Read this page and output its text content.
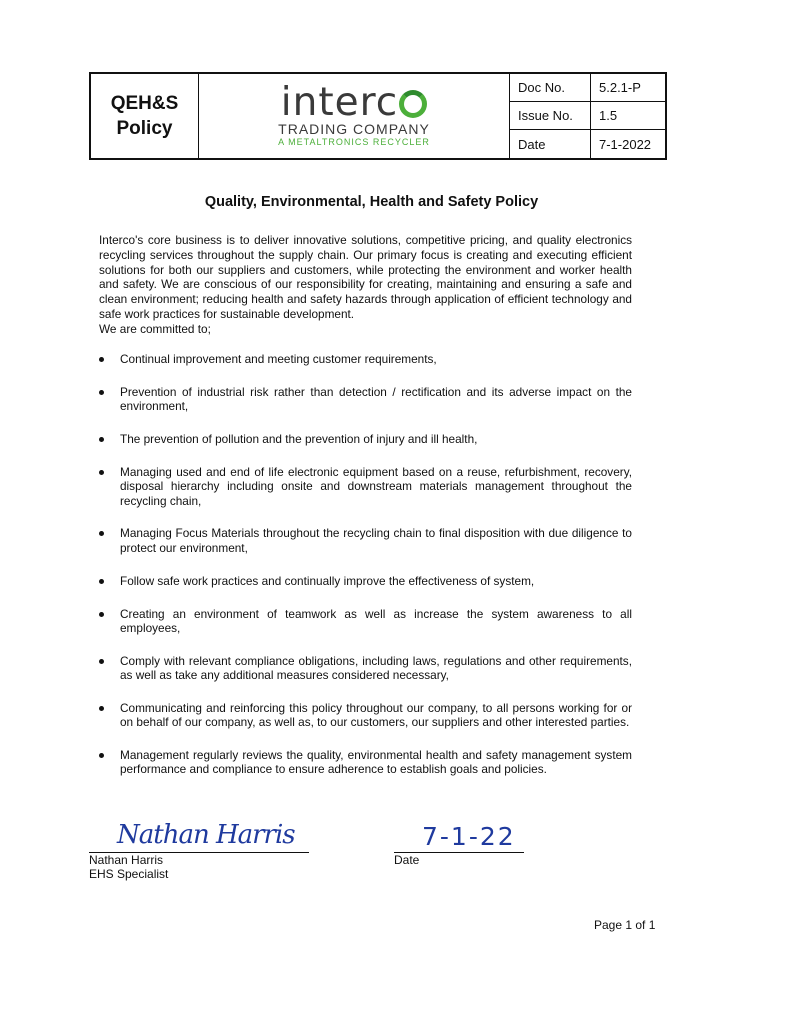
QEH&S
Policy
interc
TRADING COMPANY
A METALTRONICS RECYCLER
Doc No.	5.2.1-P
Issue No.	1.5
Date	7-1-2022
Quality, Environmental, Health and Safety Policy
Interco's core business is to deliver innovative solutions, competitive pricing, and quality electronics recycling services throughout the supply chain. Our primary focus is creating and executing efficient solutions for both our suppliers and customers, while protecting the environment and worker health and safety. We are conscious of our responsibility for creating, maintaining and ensuring a safe and clean environment; reducing health and safety hazards through application of efficient technology and safe work practices for sustainable development.
We are committed to;
Continual improvement and meeting customer requirements,
Prevention of industrial risk rather than detection / rectification and its adverse impact on the environment,
The prevention of pollution and the prevention of injury and ill health,
Managing used and end of life electronic equipment based on a reuse, refurbishment, recovery, disposal hierarchy including onsite and downstream materials management throughout the recycling chain,
Managing Focus Materials throughout the recycling chain to final disposition with due diligence to protect our environment,
Follow safe work practices and continually improve the effectiveness of system,
Creating an environment of teamwork as well as increase the system awareness to all employees,
Comply with relevant compliance obligations, including laws, regulations and other requirements, as well as take any additional measures considered necessary,
Communicating and reinforcing this policy throughout our company, to all persons working for or on behalf of our company, as well as, to our customers, our suppliers and other interested parties.
Management regularly reviews the quality, environmental health and safety management system performance and compliance to ensure adherence to establish goals and policies.
Nathan Harris
Nathan Harris
EHS Specialist
7-1-22
Date
Page 1 of 1
